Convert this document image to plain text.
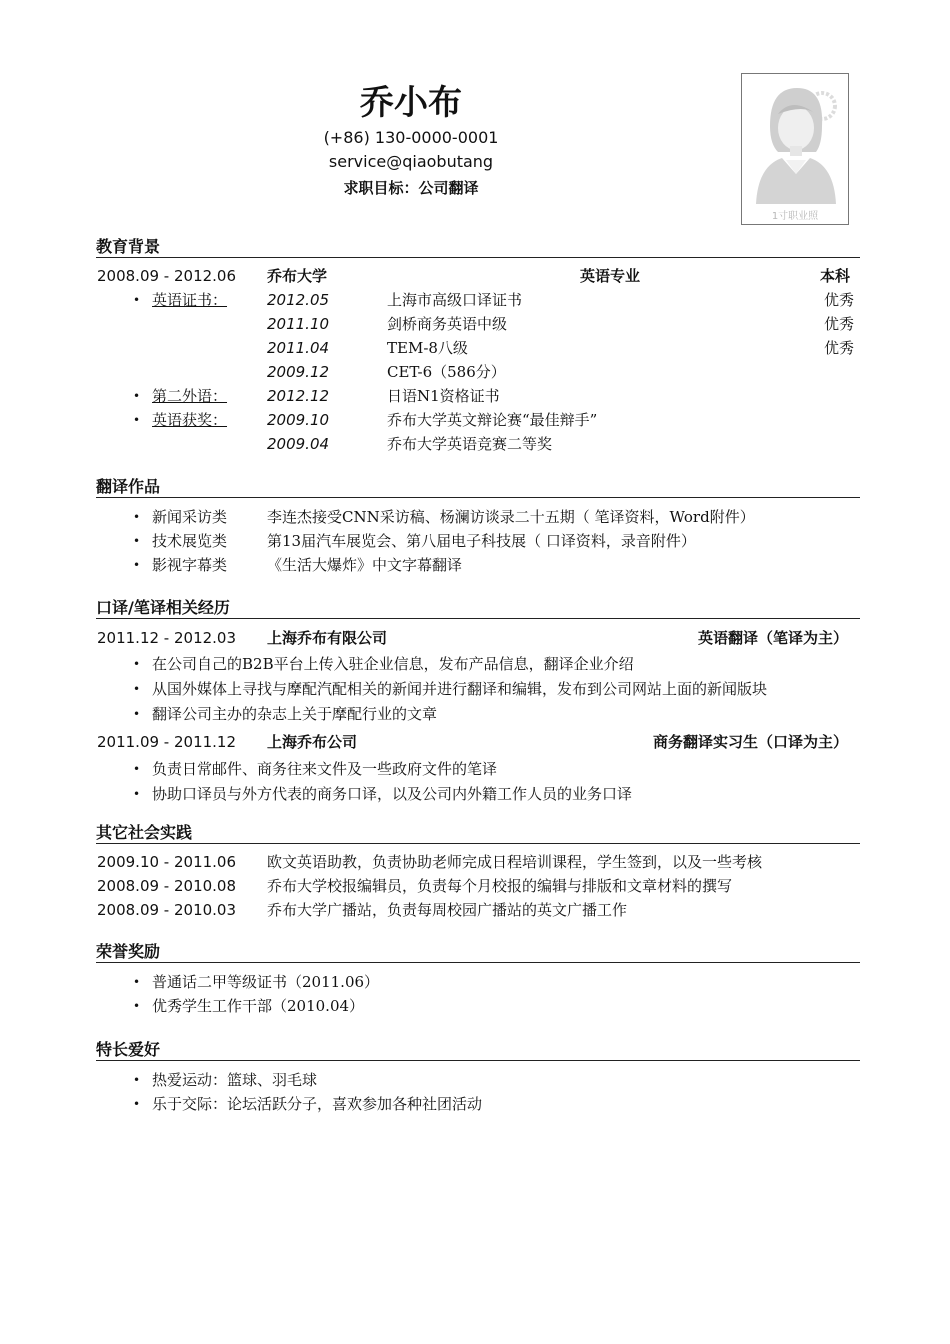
乔小布
(+86) 130-0000-0001
service@qiaobutang
求职目标：公司翻译
1寸职业照
教育背景
2008.09 - 2012.06 乔布大学	英语专业	本科
• 英语证书：	2012.05	上海市高级口译证书	优秀
2011.10	剑桥商务英语中级	优秀
2011.04	TEM-8八级	优秀
2009.12	CET-6（586分）
• 第二外语：	2012.12	日语N1资格证书
• 英语获奖：	2009.10	乔布大学英文辩论赛“最佳辩手”
2009.04	乔布大学英语竞赛二等奖
翻译作品
• 新闻采访类	李连杰接受CNN采访稿、杨澜访谈录二十五期（ 笔译资料，Word附件）
• 技术展览类	第13届汽车展览会、第八届电子科技展（ 口译资料，录音附件）
• 影视字幕类	《生活大爆炸》中文字幕翻译
口译/笔译相关经历
2011.12 - 2012.03 上海乔布有限公司	英语翻译（笔译为主）
• 在公司自己的B2B平台上传入驻企业信息，发布产品信息，翻译企业介绍
• 从国外媒体上寻找与摩配汽配相关的新闻并进行翻译和编辑，发布到公司网站上面的新闻版块
• 翻译公司主办的杂志上关于摩配行业的文章
2011.09 - 2011.12 上海乔布公司	商务翻译实习生（口译为主）
• 负责日常邮件、商务往来文件及一些政府文件的笔译
• 协助口译员与外方代表的商务口译，以及公司内外籍工作人员的业务口译
其它社会实践
2009.10 - 2011.06 欧文英语助教，负责协助老师完成日程培训课程，学生签到，以及一些考核
2008.09 - 2010.08 乔布大学校报编辑员，负责每个月校报的编辑与排版和文章材料的撰写
2008.09 - 2010.03 乔布大学广播站，负责每周校园广播站的英文广播工作
荣誉奖励
• 普通话二甲等级证书（2011.06）
• 优秀学生工作干部（2010.04）
特长爱好
• 热爱运动：篮球、羽毛球
• 乐于交际：论坛活跃分子，喜欢参加各种社团活动
